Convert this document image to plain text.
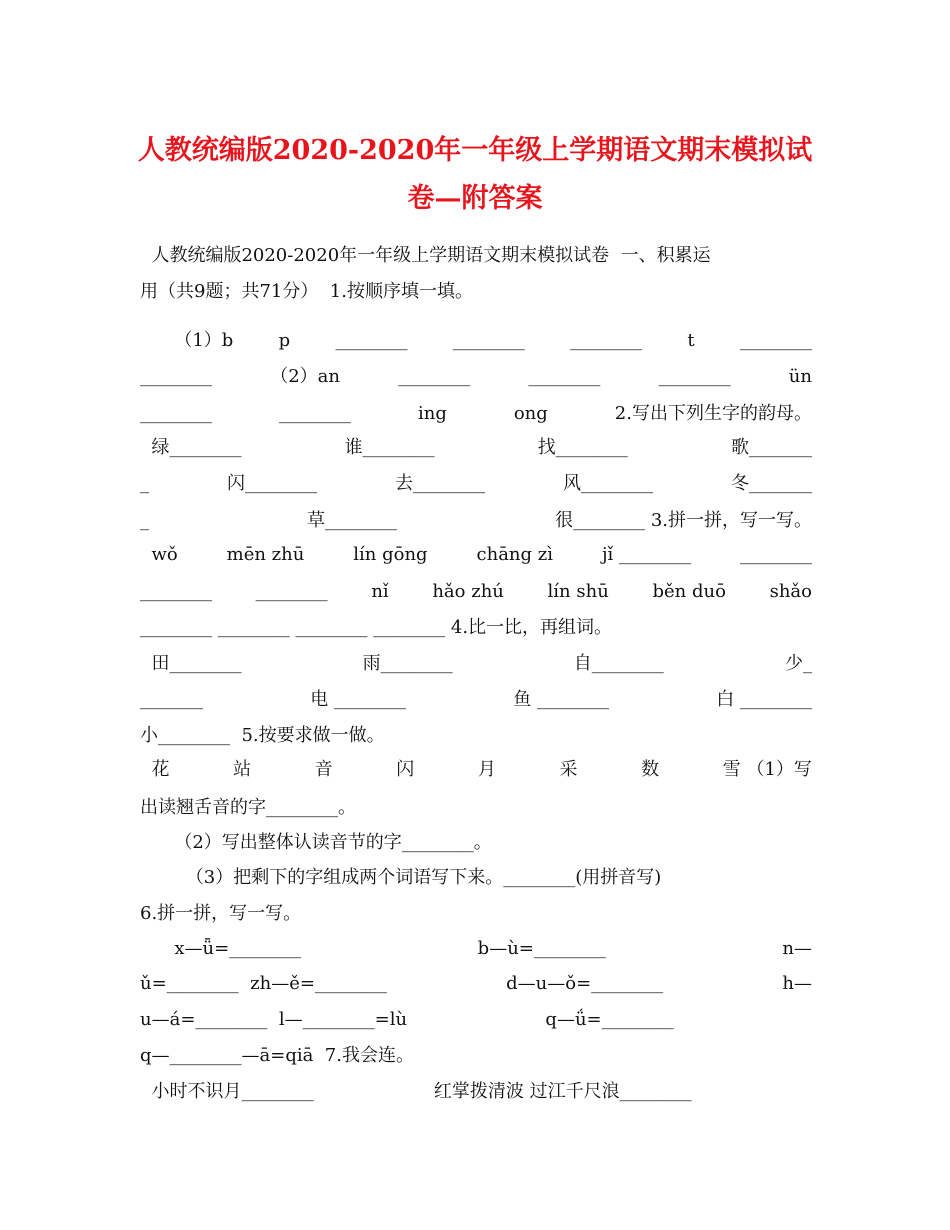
人教统编版2020-2020年一年级上学期语文期末模拟试
卷—附答案
人教统编版2020-2020年一年级上学期语文期末模拟试卷  一、积累运
用（共9题；共71分）  1.按顺序填一填。
（1）b	p	________	________	________	t	________
________	（2）an	________	________	________	ün
________	________	ing	ong	2.写出下列生字的韵母。
绿________	谁________	找________	歌_______
_	闪________	去________	风________	冬_______
_	草________	很________ 3.拼一拼，写一写。
wǒ	mēn zhū	lín gōng	chāng zì	jǐ ________	________
________ ________ nǐ hǎo zhú lín shū běn duō shǎo
________ ________ ________ ________ 4.比一比，再组词。
田________	雨________	自________	少_
_______	电 ________	鱼 ________	白 ________
小________  5.按要求做一做。
花	站	音	闪	月	采	数	雪 （1）写
出读翘舌音的字________。
（2）写出整体认读音节的字________。
（3）把剩下的字组成两个词语写下来。________(用拼音写)
6.拼一拼，写一写。
x—ǖ=________	b—ù=________	n—
ǔ=________  zh—ě=________	d—u—ǒ=________	h—
u—á=________  l—________=lù	q—ǘ=________
q—________—ā=qiā  7.我会连。
小时不识月________	红掌拨清波 过江千尺浪________
